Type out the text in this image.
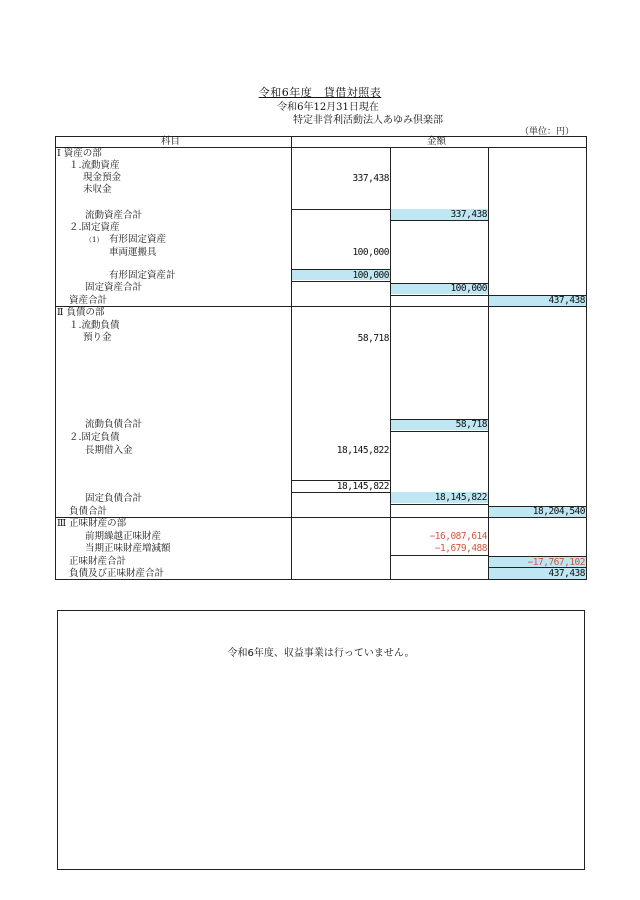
令和6年度　貸借対照表
令和6年12月31日現在
特定非営利活動法人あゆみ倶楽部
（単位：円）
科目	金額
Ⅰ 資産の部
１.流動資産
現金預金
未収金
流動資産合計
２.固定資産
（1） 有形固定資産
車両運搬具
有形固定資産計
固定資産合計
資産合計
Ⅱ 負債の部
１.流動負債
預り金
流動負債合計
２.固定負債
長期借入金
固定負債合計
負債合計
Ⅲ 正味財産の部
前期繰越正味財産
当期正味財産増減額
正味財産合計
負債及び正味財産合計
337,438
100,000
100,000
58,718
18,145,822
18,145,822
337,438
100,000
58,718
18,145,822
−16,087,614
−1,679,488
437,438
18,204,540
−17,767,102
437,438
令和6年度、収益事業は行っていません。
